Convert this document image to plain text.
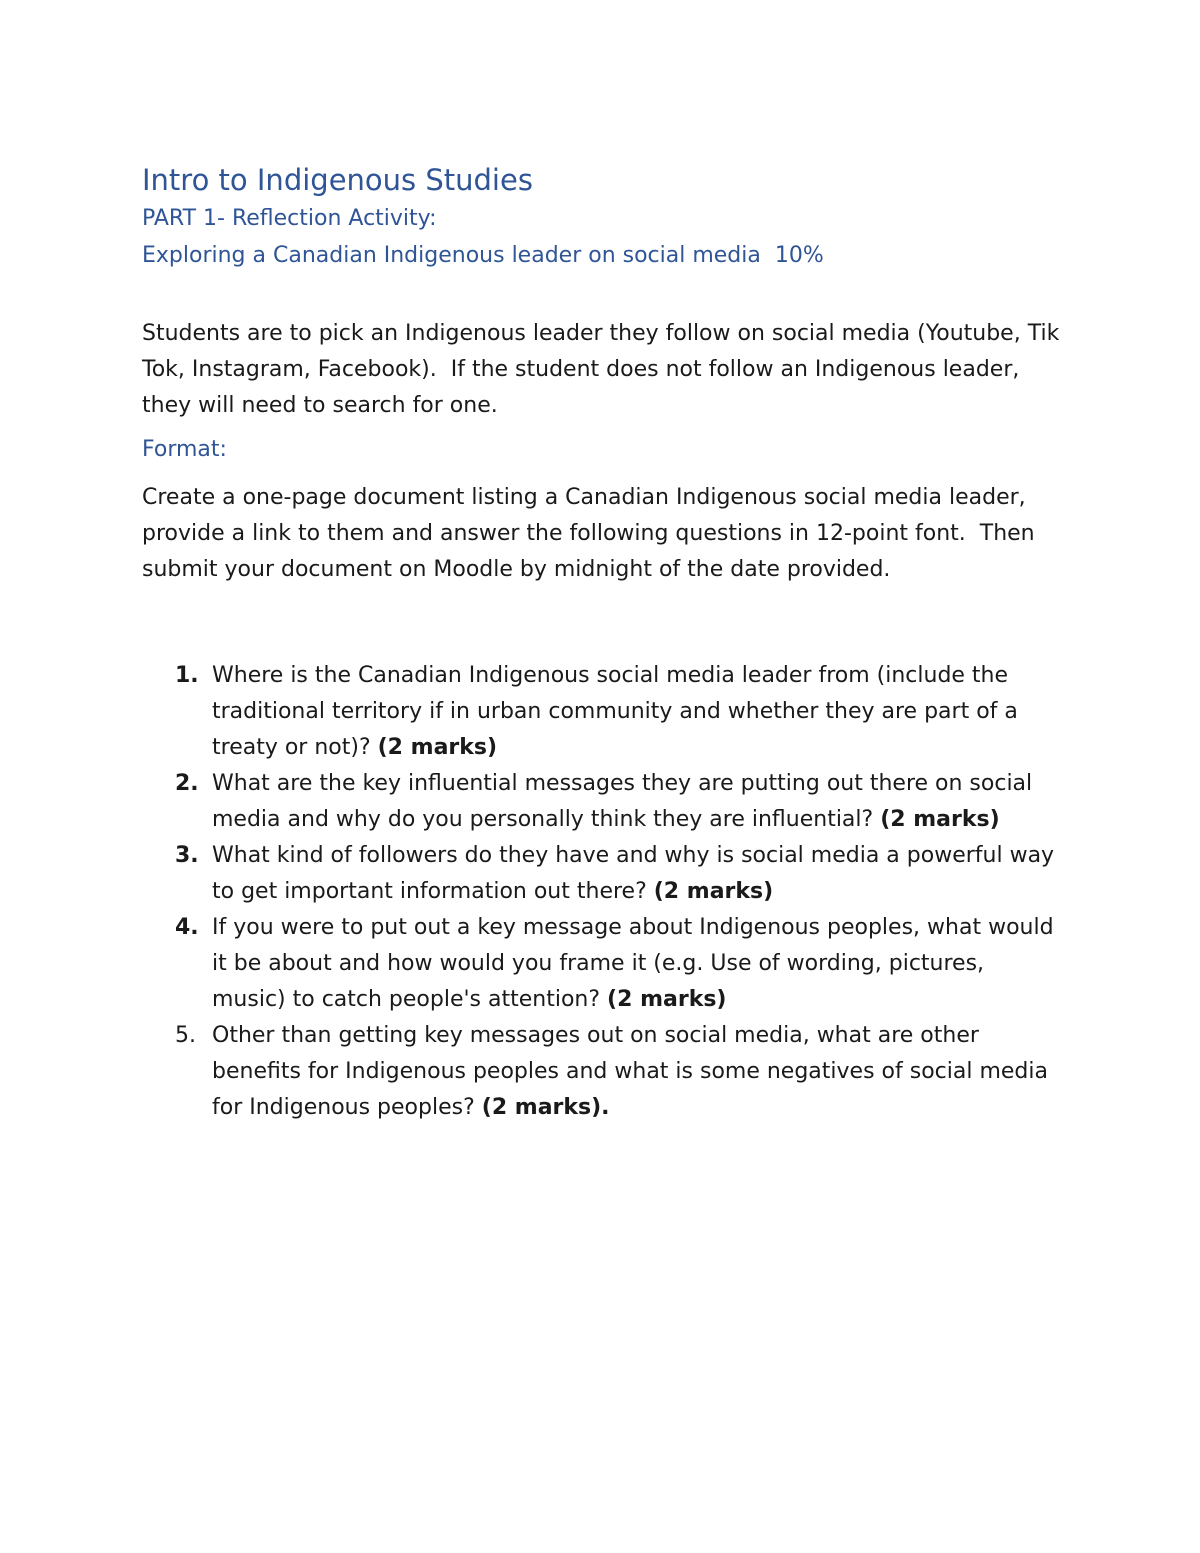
Intro to Indigenous Studies
PART 1- Reflection Activity:
Exploring a Canadian Indigenous leader on social media  10%

Students are to pick an Indigenous leader they follow on social media (Youtube, Tik Tok, Instagram, Facebook).  If the student does not follow an Indigenous leader, they will need to search for one.

Format:

Create a one-page document listing a Canadian Indigenous social media leader, provide a link to them and answer the following questions in 12-point font.  Then submit your document on Moodle by midnight of the date provided.

1. Where is the Canadian Indigenous social media leader from (include the traditional territory if in urban community and whether they are part of a treaty or not)? (2 marks)
2. What are the key influential messages they are putting out there on social media and why do you personally think they are influential? (2 marks)
3. What kind of followers do they have and why is social media a powerful way to get important information out there? (2 marks)
4. If you were to put out a key message about Indigenous peoples, what would it be about and how would you frame it (e.g. Use of wording, pictures, music) to catch people's attention? (2 marks)
5. Other than getting key messages out on social media, what are other benefits for Indigenous peoples and what is some negatives of social media for Indigenous peoples? (2 marks).
